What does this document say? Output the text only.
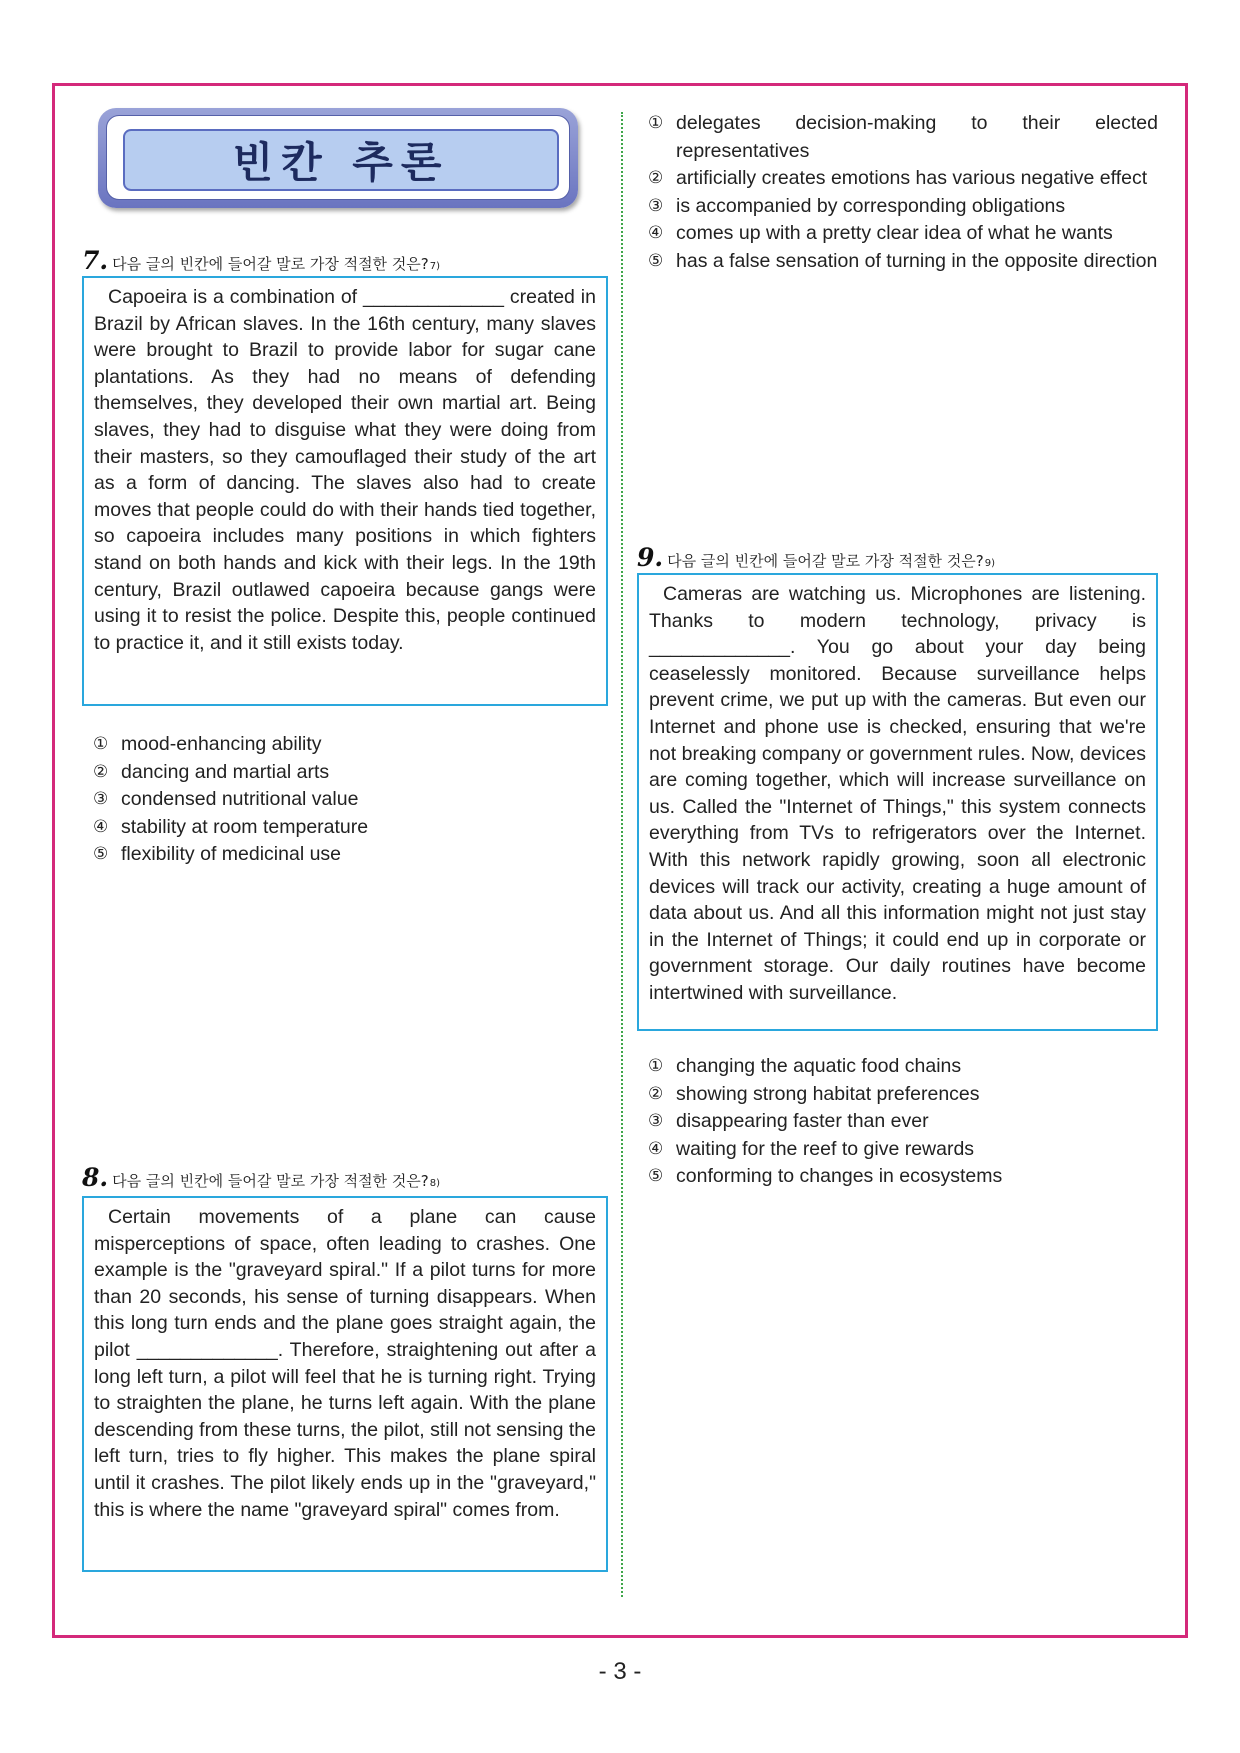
빈칸 추론
7. 다음 글의 빈칸에 들어갈 말로 가장 적절한 것은? 7)

Capoeira is a combination of _____________ created in Brazil by African slaves. In the 16th century, many slaves were brought to Brazil to provide labor for sugar cane plantations. As they had no means of defending themselves, they developed their own martial art. Being slaves, they had to disguise what they were doing from their masters, so they camouflaged their study of the art as a form of dancing. The slaves also had to create moves that people could do with their hands tied together, so capoeira includes many positions in which fighters stand on both hands and kick with their legs. In the 19th century, Brazil outlawed capoeira because gangs were using it to resist the police. Despite this, people continued to practice it, and it still exists today.

① mood-enhancing ability
② dancing and martial arts
③ condensed nutritional value
④ stability at room temperature
⑤ flexibility of medicinal use
8. 다음 글의 빈칸에 들어갈 말로 가장 적절한 것은? 8)

Certain movements of a plane can cause misperceptions of space, often leading to crashes. One example is the "graveyard spiral." If a pilot turns for more than 20 seconds, his sense of turning disappears. When this long turn ends and the plane goes straight again, the pilot _____________. Therefore, straightening out after a long left turn, a pilot will feel that he is turning right. Trying to straighten the plane, he turns left again. With the plane descending from these turns, the pilot, still not sensing the left turn, tries to fly higher. This makes the plane spiral until it crashes. The pilot likely ends up in the "graveyard," this is where the name "graveyard spiral" comes from.

① delegates decision-making to their elected representatives
② artificially creates emotions has various negative effect
③ is accompanied by corresponding obligations
④ comes up with a pretty clear idea of what he wants
⑤ has a false sensation of turning in the opposite direction
9. 다음 글의 빈칸에 들어갈 말로 가장 적절한 것은? 9)

Cameras are watching us. Microphones are listening. Thanks to modern technology, privacy is _____________. You go about your day being ceaselessly monitored. Because surveillance helps prevent crime, we put up with the cameras. But even our Internet and phone use is checked, ensuring that we're not breaking company or government rules. Now, devices are coming together, which will increase surveillance on us. Called the "Internet of Things," this system connects everything from TVs to refrigerators over the Internet. With this network rapidly growing, soon all electronic devices will track our activity, creating a huge amount of data about us. And all this information might not just stay in the Internet of Things; it could end up in corporate or government storage. Our daily routines have become intertwined with surveillance.

① changing the aquatic food chains
② showing strong habitat preferences
③ disappearing faster than ever
④ waiting for the reef to give rewards
⑤ conforming to changes in ecosystems
- 3 -
